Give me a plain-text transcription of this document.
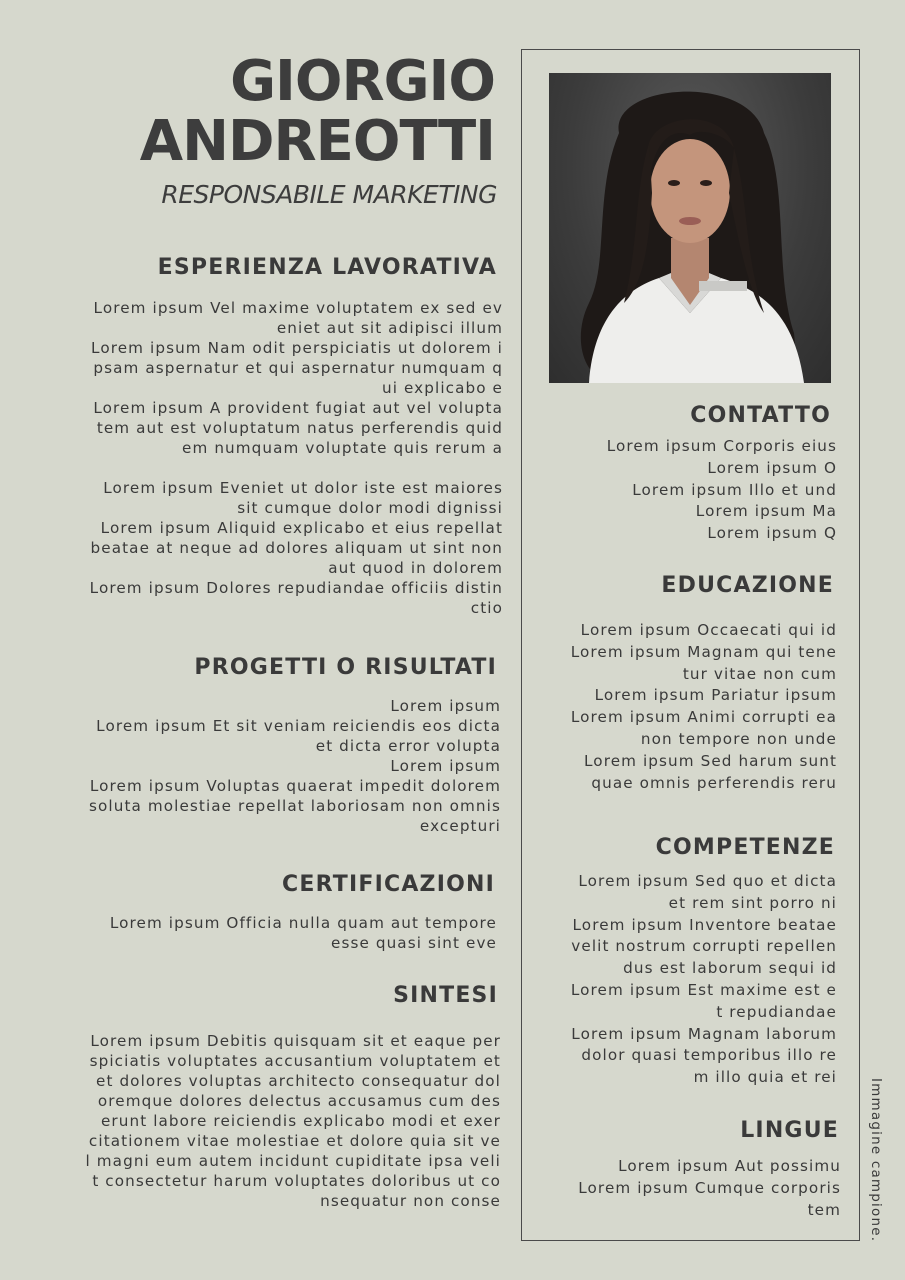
GIORGIO
ANDREOTTI
RESPONSABILE MARKETING
ESPERIENZA LAVORATIVA
Lorem ipsum Vel maxime voluptatem ex sed ev
eniet aut sit adipisci illum
Lorem ipsum Nam odit perspiciatis ut dolorem i
psam aspernatur et qui aspernatur numquam q
ui explicabo e
Lorem ipsum A provident fugiat aut vel volupta
tem aut est voluptatum natus perferendis quid
em numquam voluptate quis rerum a
Lorem ipsum Eveniet ut dolor iste est maiores
sit cumque dolor modi dignissi
Lorem ipsum Aliquid explicabo et eius repellat
beatae at neque ad dolores aliquam ut sint non
aut quod in dolorem
Lorem ipsum Dolores repudiandae officiis distin
ctio
PROGETTI O RISULTATI
Lorem ipsum
Lorem ipsum Et sit veniam reiciendis eos dicta
et dicta error volupta
Lorem ipsum
Lorem ipsum Voluptas quaerat impedit dolorem
soluta molestiae repellat laboriosam non omnis
excepturi
CERTIFICAZIONI
Lorem ipsum Officia nulla quam aut tempore
esse quasi sint eve
SINTESI
Lorem ipsum Debitis quisquam sit et eaque per
spiciatis voluptates accusantium voluptatem et
et dolores voluptas architecto consequatur dol
oremque dolores delectus accusamus cum des
erunt labore reiciendis explicabo modi et exer
citationem vitae molestiae et dolore quia sit ve
l magni eum autem incidunt cupiditate ipsa veli
t consectetur harum voluptates doloribus ut co
nsequatur non conse
CONTATTO
Lorem ipsum Corporis eius
Lorem ipsum O
Lorem ipsum Illo et und
Lorem ipsum Ma
Lorem ipsum Q
EDUCAZIONE
Lorem ipsum Occaecati qui id
Lorem ipsum Magnam qui tene
tur vitae non cum
Lorem ipsum Pariatur ipsum
Lorem ipsum Animi corrupti ea
non tempore non unde
Lorem ipsum Sed harum sunt
quae omnis perferendis reru
COMPETENZE
Lorem ipsum Sed quo et dicta
et rem sint porro ni
Lorem ipsum Inventore beatae
velit nostrum corrupti repellen
dus est laborum sequi id
Lorem ipsum Est maxime est e
t repudiandae
Lorem ipsum Magnam laborum
dolor quasi temporibus illo re
m illo quia et rei
LINGUE
Lorem ipsum Aut possimu
Lorem ipsum Cumque corporis
tem Immagine campione.
